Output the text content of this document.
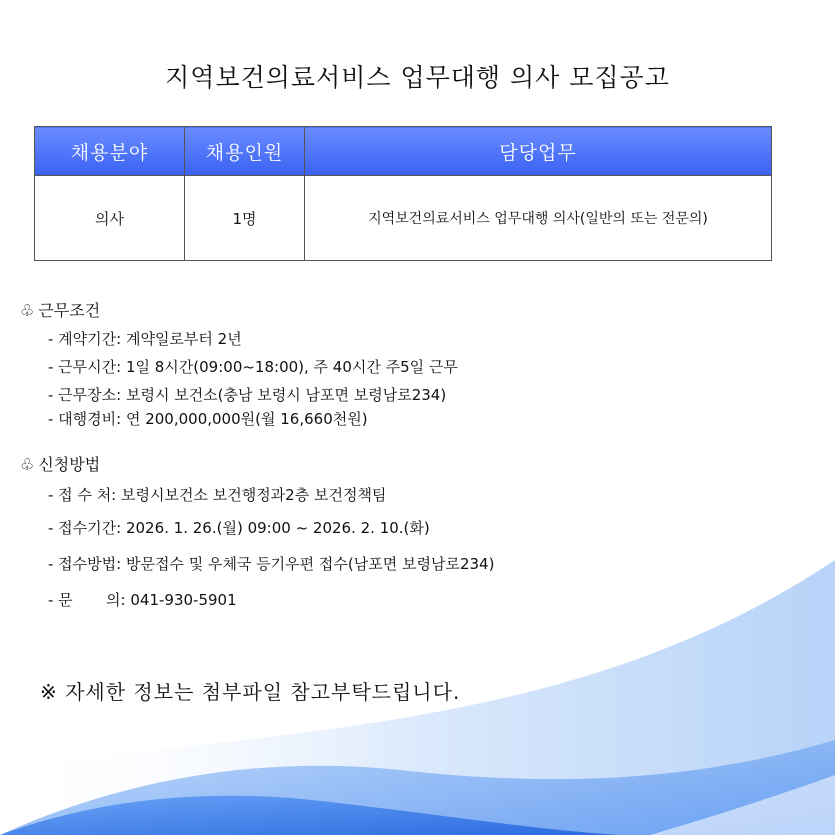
지역보건의료서비스 업무대행 의사 모집공고
채용분야	채용인원	담당업무
의사	1명	지역보건의료서비스 업무대행 의사(일반의 또는 전문의)
♧ 근무조건
- 계약기간: 계약일로부터 2년
- 근무시간: 1일 8시간(09:00~18:00), 주 40시간 주5일 근무
- 근무장소: 보령시 보건소(충남 보령시 남포면 보령남로234)
- 대행경비: 연 200,000,000원(월 16,660천원)
♧ 신청방법
- 접 수 처: 보령시보건소 보건행정과2층 보건정책팀
- 접수기간: 2026. 1. 26.(월) 09:00 ~ 2026. 2. 10.(화)
- 접수방법: 방문접수 및 우체국 등기우편 접수(남포면 보령남로234)
- 문       의: 041-930-5901
※ 자세한 정보는 첨부파일 참고부탁드립니다.
